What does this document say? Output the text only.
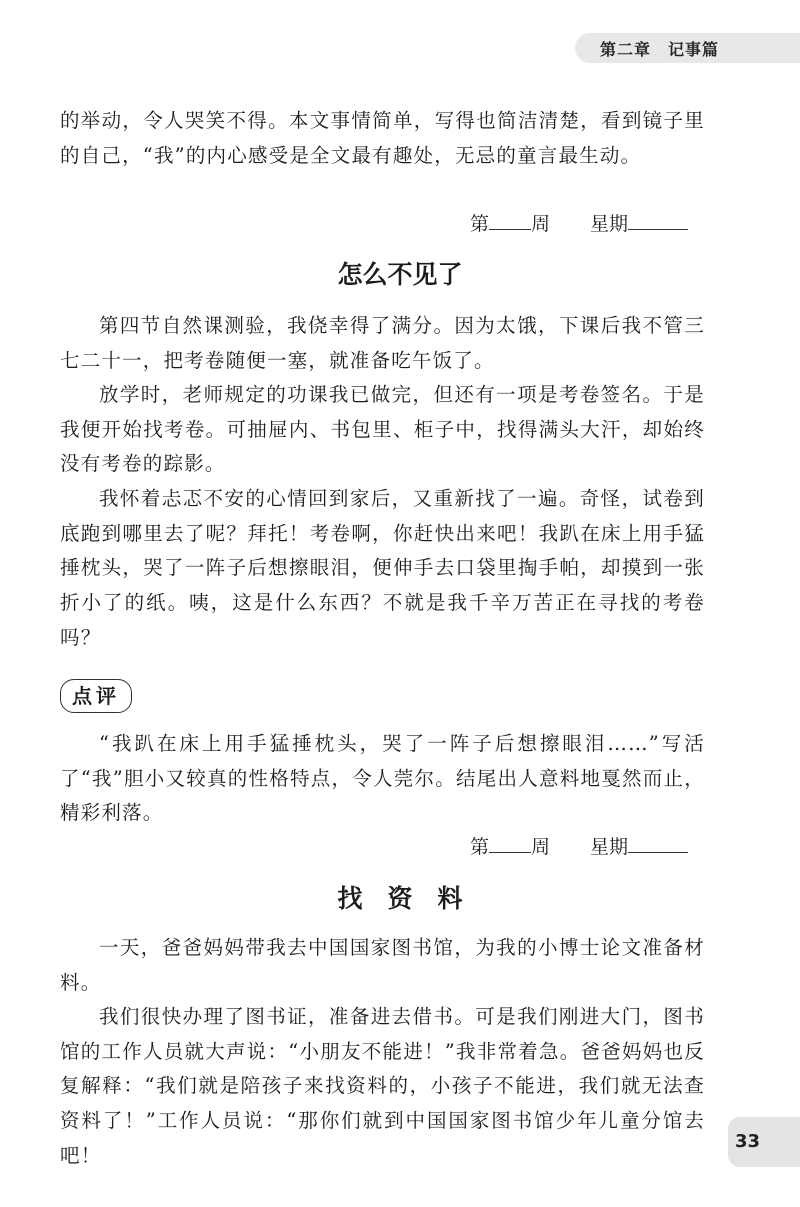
第二章　记事篇

的举动，令人哭笑不得。本文事情简单，写得也简洁清楚，看到镜子里的自己，“我”的内心感受是全文最有趣处，无忌的童言最生动。

第 周 星期
怎么不见了

第四节自然课测验，我侥幸得了满分。因为太饿，下课后我不管三七二十一，把考卷随便一塞，就准备吃午饭了。

放学时，老师规定的功课我已做完，但还有一项是考卷签名。于是我便开始找考卷。可抽屉内、书包里、柜子中，找得满头大汗，却始终没有考卷的踪影。

我怀着忐忑不安的心情回到家后，又重新找了一遍。奇怪，试卷到底跑到哪里去了呢？拜托！考卷啊，你赶快出来吧！我趴在床上用手猛捶枕头，哭了一阵子后想擦眼泪，便伸手去口袋里掏手帕，却摸到一张折小了的纸。咦，这是什么东西？不就是我千辛万苦正在寻找的考卷吗？

点评

“我趴在床上用手猛捶枕头，哭了一阵子后想擦眼泪……”写活了“我”胆小又较真的性格特点，令人莞尔。结尾出人意料地戛然而止，精彩利落。

第 周 星期
找　资　料

一天，爸爸妈妈带我去中国国家图书馆，为我的小博士论文准备材料。

我们很快办理了图书证，准备进去借书。可是我们刚进大门，图书馆的工作人员就大声说：“小朋友不能进！”我非常着急。爸爸妈妈也反复解释：“我们就是陪孩子来找资料的，小孩子不能进，我们就无法查资料了！”工作人员说：“那你们就到中国国家图书馆少年儿童分馆去吧！

33
